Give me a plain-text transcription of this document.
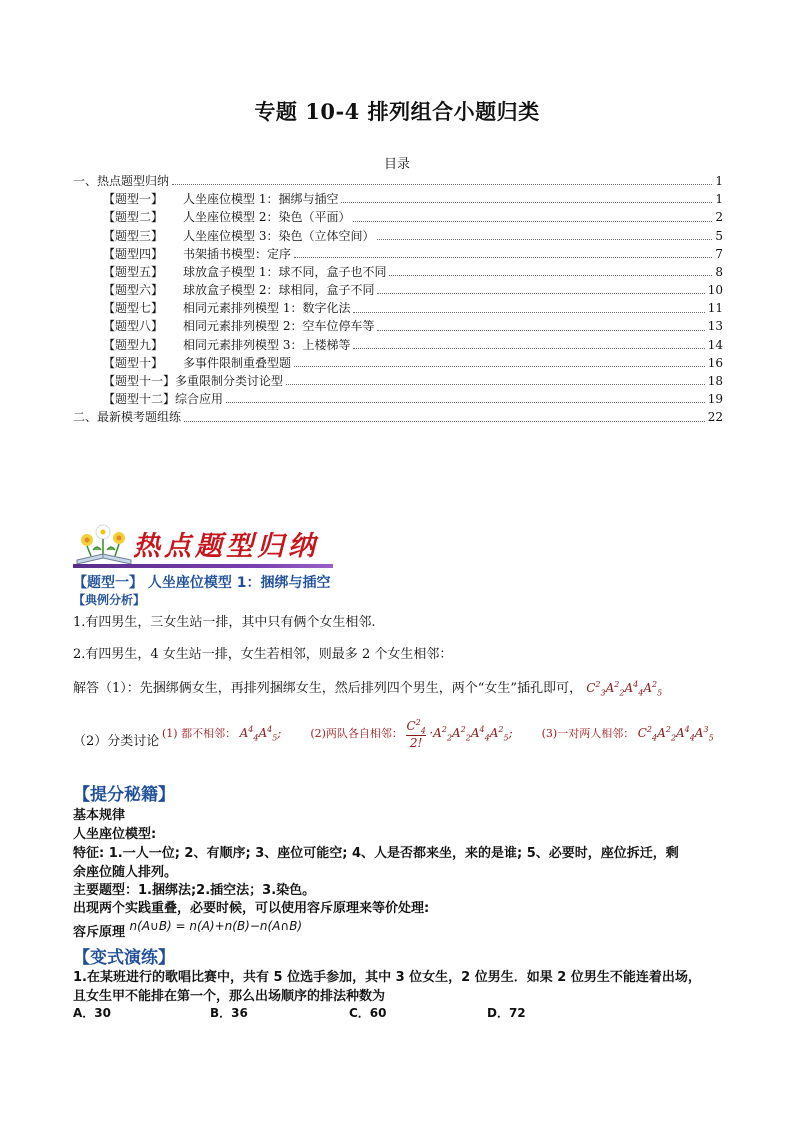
专题 10-4 排列组合小题归类
目录
一、热点题型归纳	1
【题型一】	人坐座位模型 1：捆绑与插空	1
【题型二】	人坐座位模型 2：染色（平面）	2
【题型三】	人坐座位模型 3：染色（立体空间）	5
【题型四】	书架插书模型：定序	7
【题型五】	球放盒子模型 1：球不同，盒子也不同	8
【题型六】	球放盒子模型 2：球相同，盒子不同	10
【题型七】	相同元素排列模型 1：数字化法	11
【题型八】	相同元素排列模型 2：空车位停车等	13
【题型九】	相同元素排列模型 3：上楼梯等	14
【题型十】	多事件限制重叠型题	16
【题型十一】 多重限制分类讨论型	18
【题型十二】 综合应用	19
二、最新模考题组练	22
热点题型归纳
【题型一】 人坐座位模型 1：捆绑与插空
【典例分析】
1.有四男生，三女生站一排，其中只有俩个女生相邻.
2.有四男生，4 女生站一排，女生若相邻，则最多 2 个女生相邻：
解答（1）：先捆绑俩女生，再排列捆绑女生，然后排列四个男生，两个“女生”插孔即可， $C^2_3A^2_2A^4_4A^2_5$
（2）分类讨论
(1) 都不相邻： $A^4_4A^4_5$;	(2)两队各自相邻： $\frac{C^2_4}{2!} \cdot A^2_2A^2_2A^4_4A^2_5$;	(3)一对两人相邻： $C^2_4A^2_2A^4_4A^3_5$
【提分秘籍】
基本规律
人坐座位模型:
特征: 1.一人一位; 2、有顺序; 3、座位可能空; 4、人是否都来坐，来的是谁; 5、必要时，座位拆迁，剩
余座位随人排列。
主要题型：1.捆绑法;2.插空法；3.染色。
出现两个实践重叠，必要时候，可以使用容斥原理来等价处理:
容斥原理 n(A∪B) = n(A)+n(B)−n(A∩B)
【变式演练】
1.在某班进行的歌唱比赛中，共有 5 位选手参加，其中 3 位女生，2 位男生．如果 2 位男生不能连着出场，
且女生甲不能排在第一个，那么出场顺序的排法种数为
A．30	B．36	C．60	D．72
